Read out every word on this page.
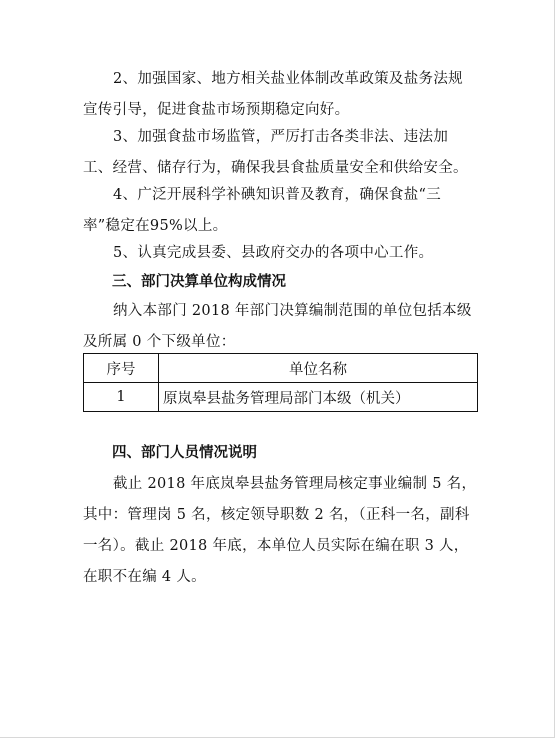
2、加强国家、地方相关盐业体制改革政策及盐务法规宣传引导，促进食盐市场预期稳定向好。

3、加强食盐市场监管，严厉打击各类非法、违法加工、经营、储存行为，确保我县食盐质量安全和供给安全。

4、广泛开展科学补碘知识普及教育，确保食盐“三率”稳定在95%以上。

5、认真完成县委、县政府交办的各项中心工作。

三、部门决算单位构成情况

纳入本部门 2018 年部门决算编制范围的单位包括本级及所属 0 个下级单位：

序号	单位名称
1	原岚皋县盐务管理局部门本级（机关）
四、部门人员情况说明

截止 2018 年底岚皋县盐务管理局核定事业编制 5 名，其中：管理岗 5 名，核定领导职数 2 名，（正科一名，副科一名）。截止 2018 年底，本单位人员实际在编在职 3 人，在职不在编 4 人。
